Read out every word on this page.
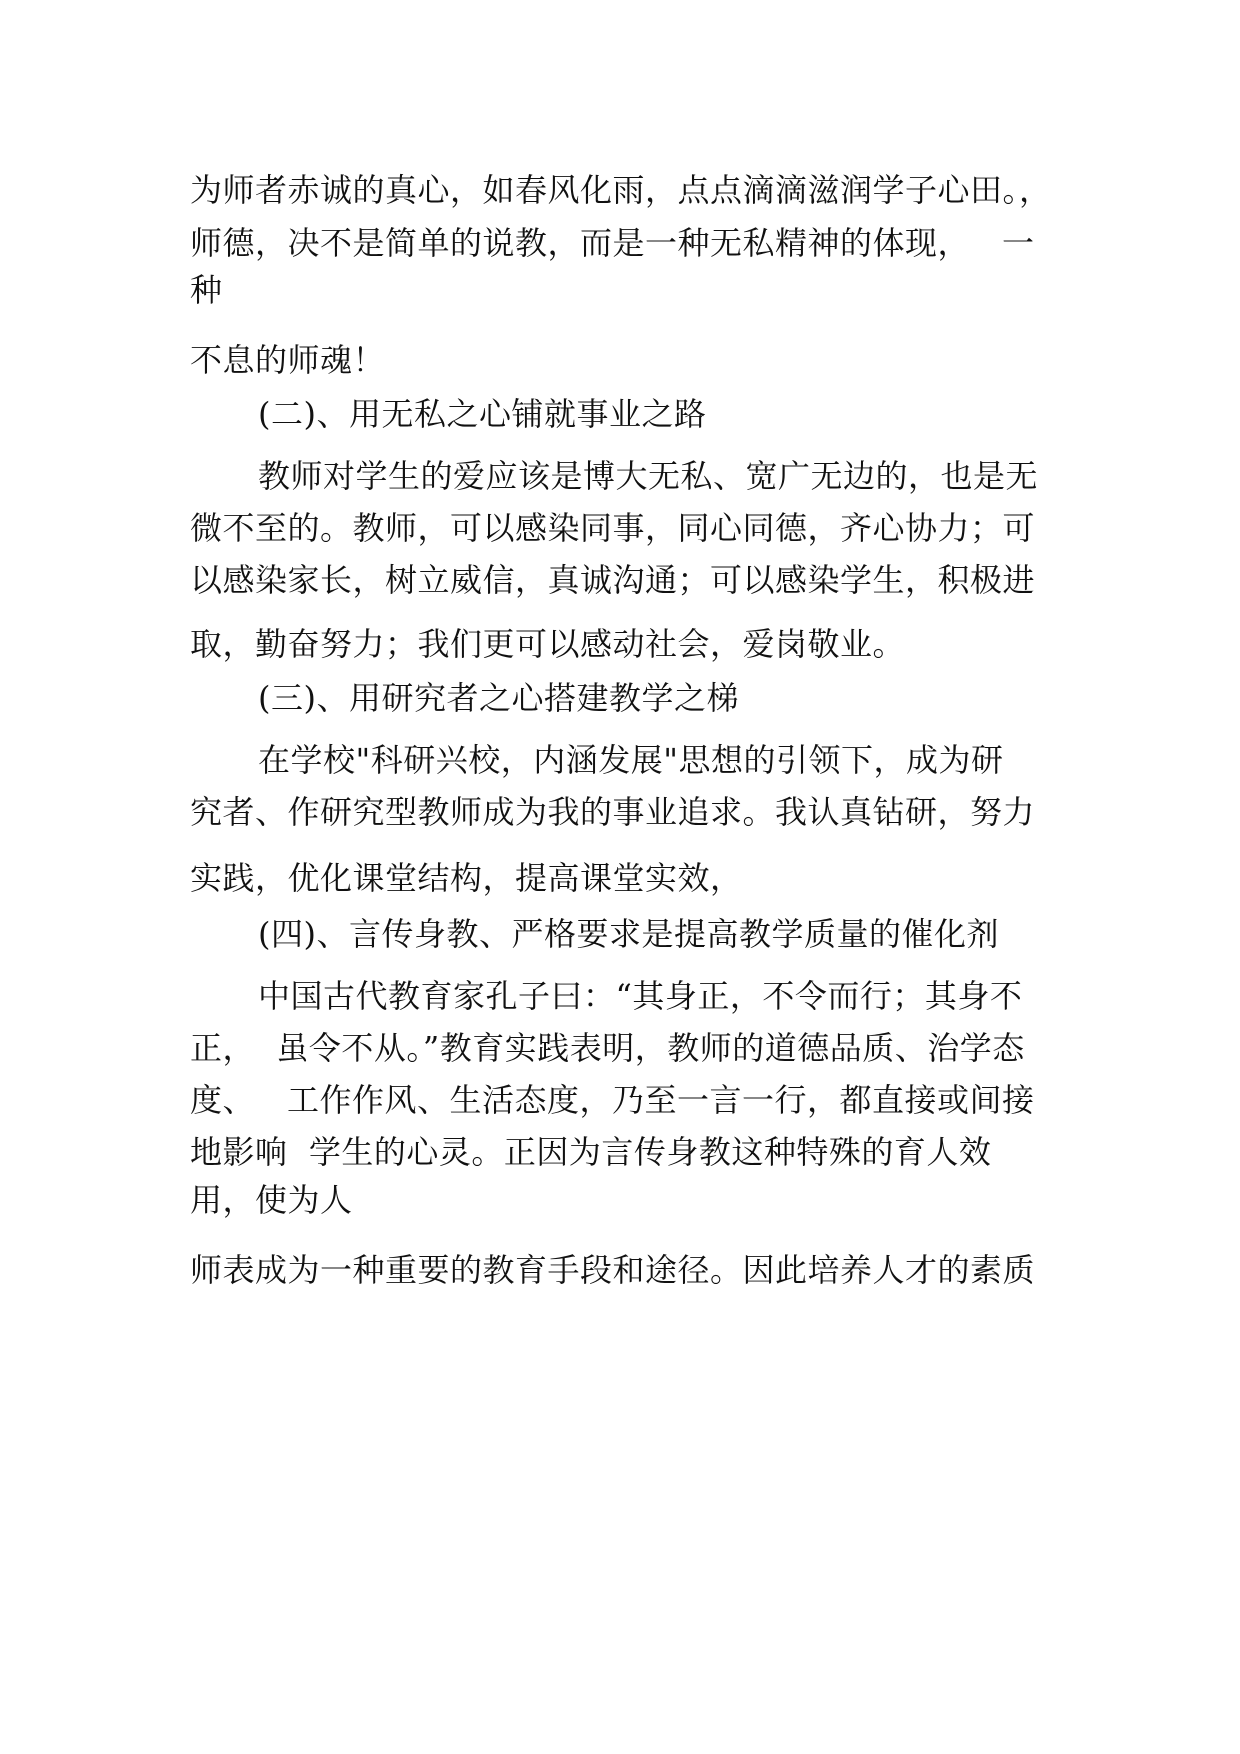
为师者赤诚的真心，如春风化雨，点点滴滴滋润学子心田。，

师德，决不是简单的说教，而是一种无私精神的体现，   一

种

不息的师魂！

(二)、用无私之心铺就事业之路

教师对学生的爱应该是博大无私、宽广无边的，也是无

微不至的。教师，可以感染同事，同心同德，齐心协力；可

以感染家长，树立威信，真诚沟通；可以感染学生，积极进

取，勤奋努力；我们更可以感动社会，爱岗敬业。

(三)、用研究者之心搭建教学之梯

在学校"科研兴校，内涵发展"思想的引领下，成为研

究者、作研究型教师成为我的事业追求。我认真钻研，努力

实践，优化课堂结构，提高课堂实效，

(四)、言传身教、严格要求是提高教学质量的催化剂

中国古代教育家孔子曰：“其身正，不令而行；其身不

正，  虽令不从。”教育实践表明，教师的道德品质、治学态

度、   工作作风、生活态度，乃至一言一行，都直接或间接

地影响  学生的心灵。正因为言传身教这种特殊的育人效

用，使为人

师表成为一种重要的教育手段和途径。因此培养人才的素质
